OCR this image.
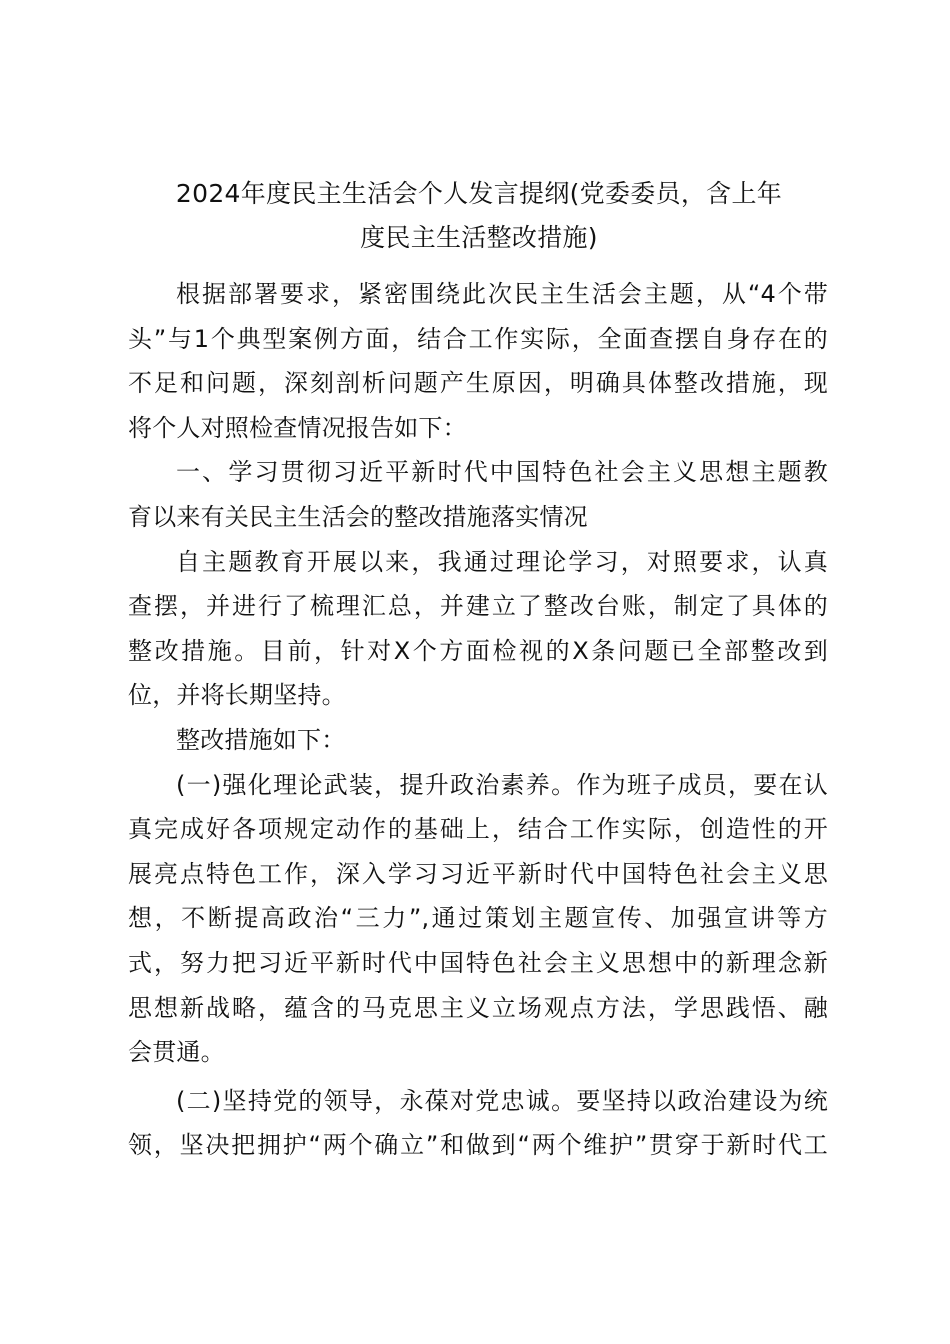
2024年度民主生活会个人发言提纲(党委委员，含上年
度民主生活整改措施)
根据部署要求，紧密围绕此次民主生活会主题，从“4个带
头”与1个典型案例方面，结合工作实际，全面查摆自身存在的
不足和问题，深刻剖析问题产生原因，明确具体整改措施，现
将个人对照检查情况报告如下：
一、学习贯彻习近平新时代中国特色社会主义思想主题教
育以来有关民主生活会的整改措施落实情况
自主题教育开展以来，我通过理论学习，对照要求，认真
查摆，并进行了梳理汇总，并建立了整改台账，制定了具体的
整改措施。目前，针对X个方面检视的X条问题已全部整改到
位，并将长期坚持。
整改措施如下：
(一)强化理论武装，提升政治素养。作为班子成员，要在认
真完成好各项规定动作的基础上，结合工作实际，创造性的开
展亮点特色工作，深入学习习近平新时代中国特色社会主义思
想，不断提高政治“三力”,通过策划主题宣传、加强宣讲等方
式，努力把习近平新时代中国特色社会主义思想中的新理念新
思想新战略，蕴含的马克思主义立场观点方法，学思践悟、融
会贯通。
(二)坚持党的领导，永葆对党忠诚。要坚持以政治建设为统
领，坚决把拥护“两个确立”和做到“两个维护”贯穿于新时代工
